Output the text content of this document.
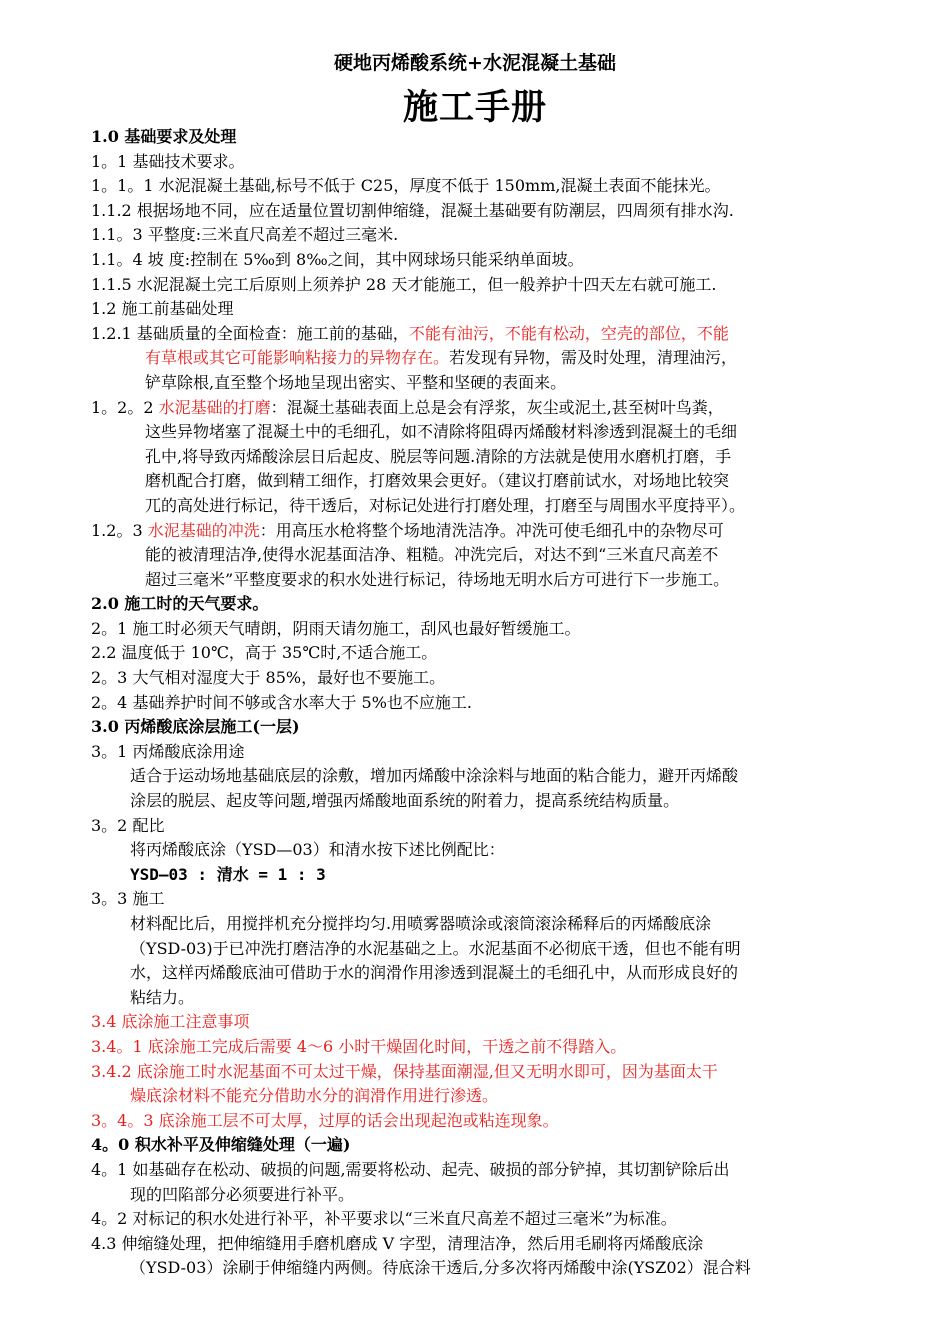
硬地丙烯酸系统+水泥混凝土基础
施工手册
1.0 基础要求及处理
1。1 基础技术要求。
1。1。1 水泥混凝土基础,标号不低于 C25，厚度不低于 150mm,混凝土表面不能抹光。
1.1.2 根据场地不同，应在适量位置切割伸缩缝，混凝土基础要有防潮层，四周须有排水沟.
1.1。3 平整度:三米直尺高差不超过三毫米.
1.1。4 坡 度:控制在 5‰到 8‰之间，其中网球场只能采纳单面坡。
1.1.5 水泥混凝土完工后原则上须养护 28 天才能施工，但一般养护十四天左右就可施工.
1.2 施工前基础处理
1.2.1 基础质量的全面检查：施工前的基础，不能有油污，不能有松动，空壳的部位，不能
有草根或其它可能影响粘接力的异物存在。若发现有异物，需及时处理，清理油污，
铲草除根,直至整个场地呈现出密实、平整和坚硬的表面来。
1。2。2 水泥基础的打磨：混凝土基础表面上总是会有浮浆，灰尘或泥土,甚至树叶鸟粪，
这些异物堵塞了混凝土中的毛细孔，如不清除将阻碍丙烯酸材料渗透到混凝土的毛细
孔中,将导致丙烯酸涂层日后起皮、脱层等问题.清除的方法就是使用水磨机打磨，手
磨机配合打磨，做到精工细作，打磨效果会更好。（建议打磨前试水，对场地比较突
兀的高处进行标记，待干透后，对标记处进行打磨处理，打磨至与周围水平度持平）。
1.2。3 水泥基础的冲洗：用高压水枪将整个场地清洗洁净。冲洗可使毛细孔中的杂物尽可
能的被清理洁净,使得水泥基面洁净、粗糙。冲洗完后，对达不到“三米直尺高差不
超过三毫米”平整度要求的积水处进行标记，待场地无明水后方可进行下一步施工。
2.0 施工时的天气要求。
2。1 施工时必须天气晴朗，阴雨天请勿施工，刮风也最好暂缓施工。
2.2 温度低于 10℃，高于 35℃时,不适合施工。
2。3 大气相对湿度大于 85%，最好也不要施工。
2。4 基础养护时间不够或含水率大于 5%也不应施工.
3.0 丙烯酸底涂层施工(一层)
3。1 丙烯酸底涂用途
适合于运动场地基础底层的涂敷，增加丙烯酸中涂涂料与地面的粘合能力，避开丙烯酸
涂层的脱层、起皮等问题,增强丙烯酸地面系统的附着力，提高系统结构质量。
3。2 配比
将丙烯酸底涂（YSD—03）和清水按下述比例配比：
YSD—03 : 清水 = 1 : 3
3。3 施工
材料配比后，用搅拌机充分搅拌均匀.用喷雾器喷涂或滚筒滚涂稀释后的丙烯酸底涂
（YSD-03)于已冲洗打磨洁净的水泥基础之上。水泥基面不必彻底干透，但也不能有明
水，这样丙烯酸底油可借助于水的润滑作用渗透到混凝土的毛细孔中，从而形成良好的
粘结力。
3.4 底涂施工注意事项
3.4。1 底涂施工完成后需要 4～6 小时干燥固化时间，干透之前不得踏入。
3.4.2 底涂施工时水泥基面不可太过干燥，保持基面潮湿,但又无明水即可，因为基面太干
燥底涂材料不能充分借助水分的润滑作用进行渗透。
3。4。3 底涂施工层不可太厚，过厚的话会出现起泡或粘连现象。
4。0 积水补平及伸缩缝处理（一遍)
4。1 如基础存在松动、破损的问题,需要将松动、起壳、破损的部分铲掉，其切割铲除后出
现的凹陷部分必须要进行补平。
4。2 对标记的积水处进行补平，补平要求以“三米直尺高差不超过三毫米”为标准。
4.3 伸缩缝处理，把伸缩缝用手磨机磨成 V 字型，清理洁净，然后用毛刷将丙烯酸底涂
（YSD-03）涂刷于伸缩缝内两侧。待底涂干透后,分多次将丙烯酸中涂(YSZ02）混合料
